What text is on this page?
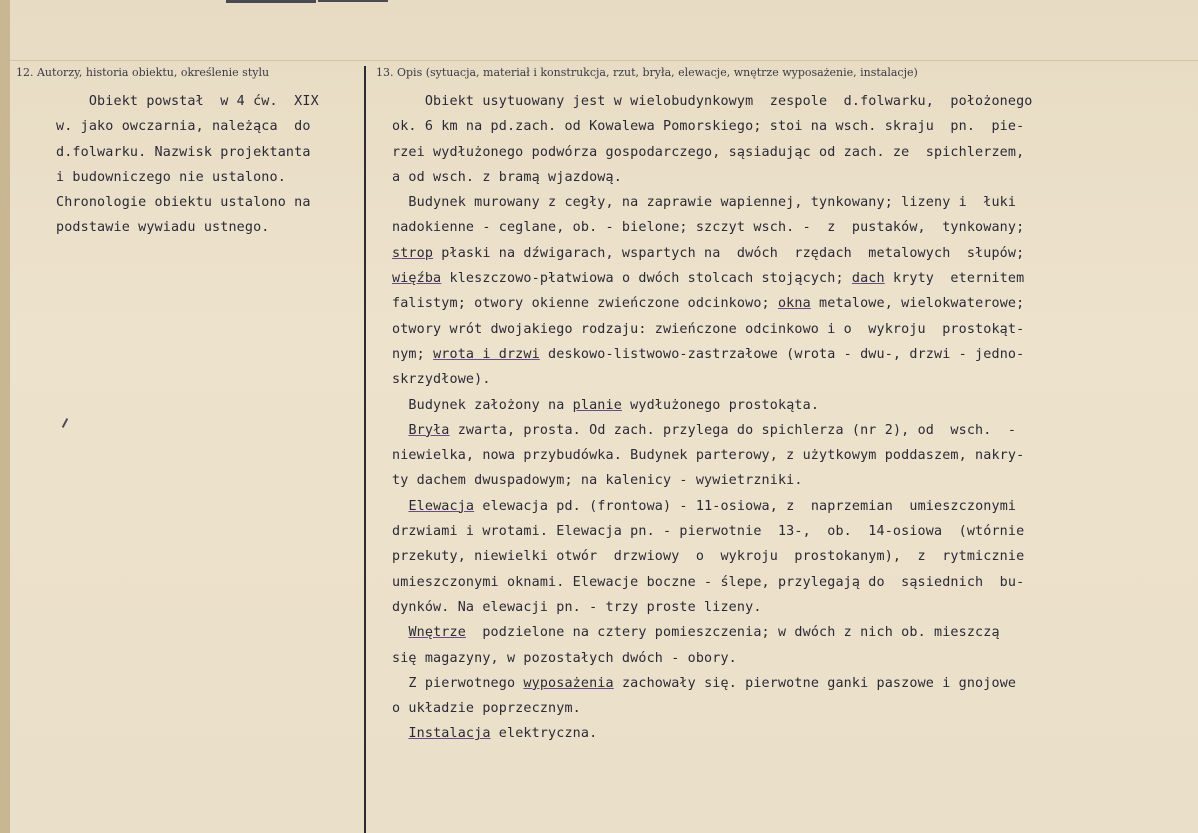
12. Autorzy, historia obiektu, określenie stylu	13. Opis (sytuacja, materiał i konstrukcja, rzut, bryła, elewacje, wnętrze wyposażenie, instalacje)
Obiekt powstał  w 4 ćw.  XIX
w. jako owczarnia, należąca  do
d.folwarku. Nazwisk projektanta
i budowniczego nie ustalono.
Chronologie obiektu ustalono na
podstawie wywiadu ustnego.
Obiekt usytuowany jest w wielobudynkowym  zespole  d.folwarku,  położonego
ok. 6 km na pd.zach. od Kowalewa Pomorskiego; stoi na wsch. skraju  pn.  pie-
rzei wydłużonego podwórza gospodarczego, sąsiadując od zach. ze  spichlerzem,
a od wsch. z bramą wjazdową.
Budynek murowany z cegły, na zaprawie wapiennej, tynkowany; lizeny i  łuki
nadokienne - ceglane, ob. - bielone; szczyt wsch. -  z  pustaków,  tynkowany;
strop płaski na dźwigarach, wspartych na  dwóch  rzędach  metalowych  słupów;
więźba kleszczowo-płatwiowa o dwóch stolcach stojących; dach kryty  eternitem
falistym; otwory okienne zwieńczone odcinkowo; okna metalowe, wielokwaterowe;
otwory wrót dwojakiego rodzaju: zwieńczone odcinkowo i o  wykroju  prostokąt-
nym; wrota i drzwi deskowo-listwowo-zastrzałowe (wrota - dwu-, drzwi - jedno-
skrzydłowe).
Budynek założony na planie wydłużonego prostokąta.
Bryła zwarta, prosta. Od zach. przylega do spichlerza (nr 2), od  wsch.  -
niewielka, nowa przybudówka. Budynek parterowy, z użytkowym poddaszem, nakry-
ty dachem dwuspadowym; na kalenicy - wywietrzniki.
Elewacja elewacja pd. (frontowa) - 11-osiowa, z  naprzemian  umieszczonymi
drzwiami i wrotami. Elewacja pn. - pierwotnie  13-,  ob.  14-osiowa  (wtórnie
przekuty, niewielki otwór  drzwiowy  o  wykroju  prostokanym),  z  rytmicznie
umieszczonymi oknami. Elewacje boczne - ślepe, przylegają do  sąsiednich  bu-
dynków. Na elewacji pn. - trzy proste lizeny.
Wnętrze  podzielone na cztery pomieszczenia; w dwóch z nich ob. mieszczą
się magazyny, w pozostałych dwóch - obory.
Z pierwotnego wyposażenia zachowały się. pierwotne ganki paszowe i gnojowe
o układzie poprzecznym.
Instalacja elektryczna.
